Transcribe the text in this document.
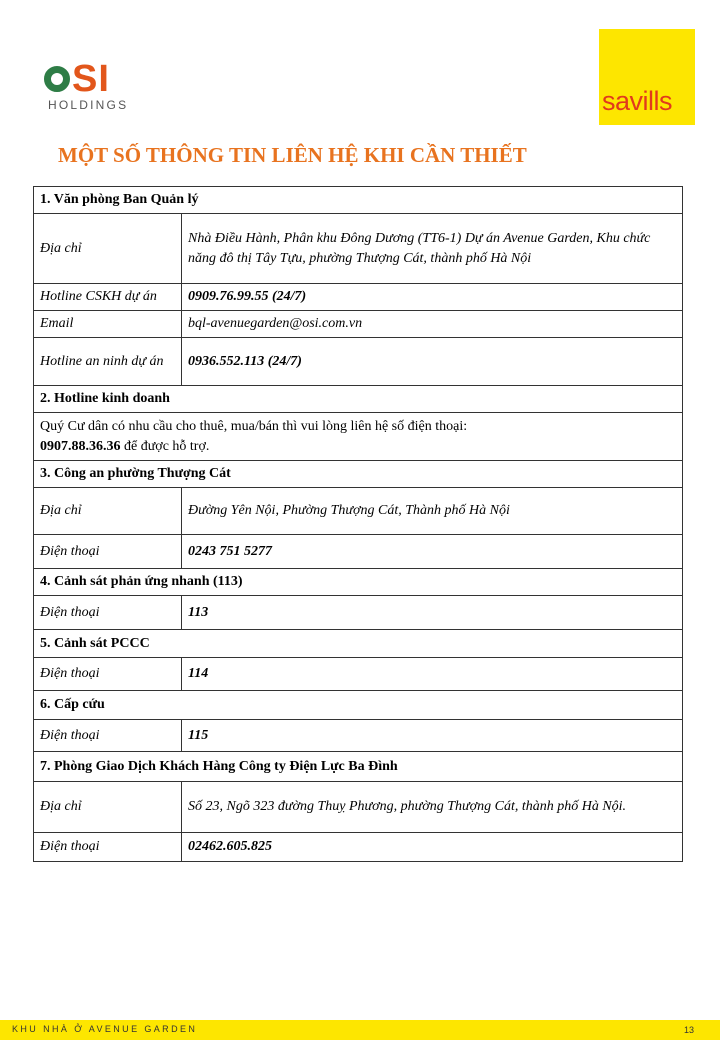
SI
HOLDINGS	savills
MỘT SỐ THÔNG TIN LIÊN HỆ KHI CẦN THIẾT
1. Văn phòng Ban Quản lý	
Địa chỉ	Nhà Điều Hành, Phân khu Đông Dương (TT6-1) Dự án Avenue Garden, Khu chức năng đô thị Tây Tựu, phường Thượng Cát, thành phố Hà Nội
Hotline CSKH dự án	0909.76.99.55 (24/7)
Email	bql-avenuegarden@osi.com.vn
Hotline an ninh dự án	0936.552.113 (24/7)
2. Hotline kinh doanh	
Quý Cư dân có nhu cầu cho thuê, mua/bán thì vui lòng liên hệ số điện thoại:
0907.88.36.36 để được hỗ trợ.	
3. Công an phường Thượng Cát	
Địa chỉ	Đường Yên Nội, Phường Thượng Cát, Thành phố Hà Nội
Điện thoại	0243 751 5277
4. Cảnh sát phản ứng nhanh (113)	
Điện thoại	113
5. Cảnh sát PCCC	
Điện thoại	114
6. Cấp cứu	
Điện thoại	115
7. Phòng Giao Dịch Khách Hàng Công ty Điện Lực Ba Đình	
Địa chỉ	Số 23, Ngõ 323 đường Thuỵ Phương, phường Thượng Cát, thành phố Hà Nội.
Điện thoại	02462.605.825
KHU NHÀ Ở AVENUE GARDEN	13
